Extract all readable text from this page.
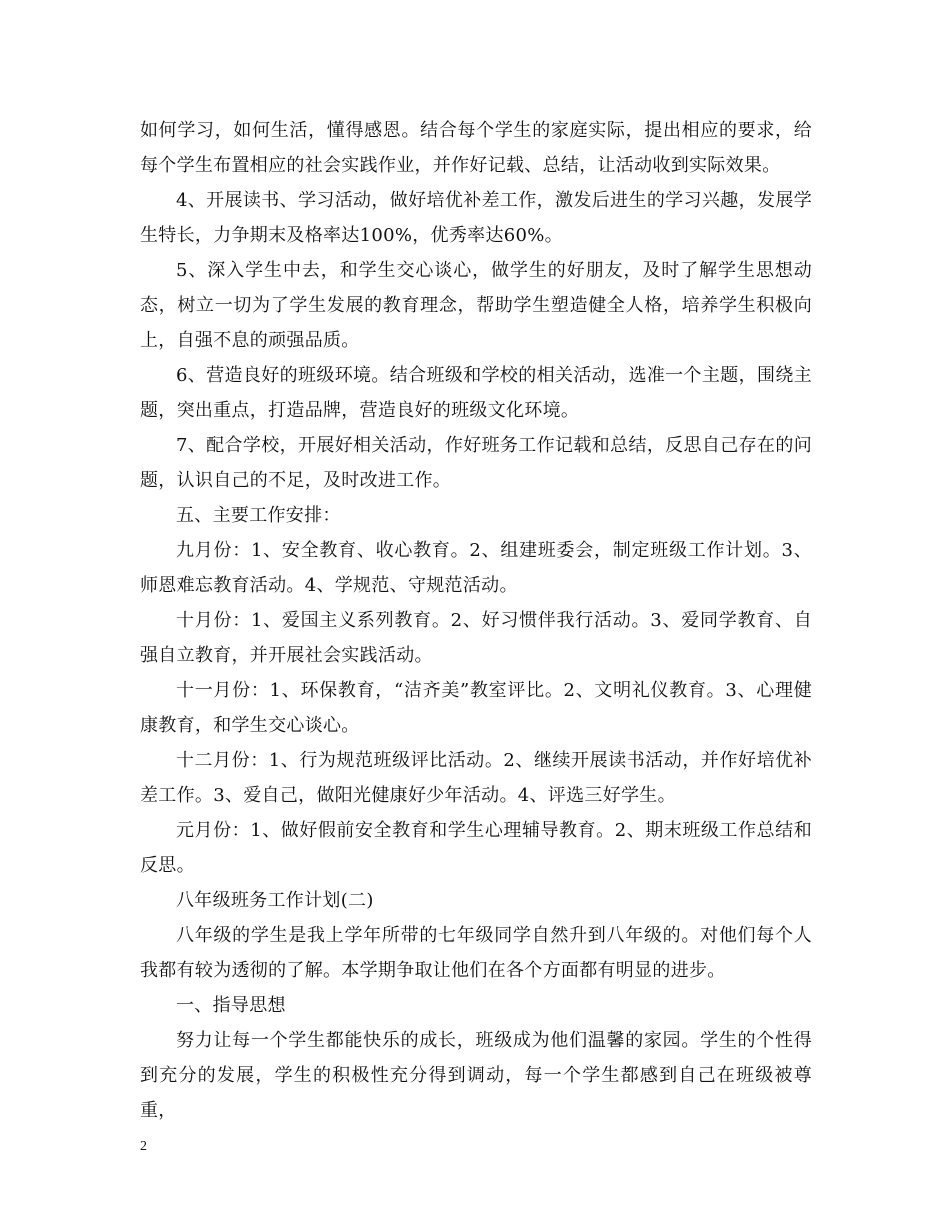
如何学习，如何生活，懂得感恩。结合每个学生的家庭实际，提出相应的要求，给每个学生布置相应的社会实践作业，并作好记载、总结，让活动收到实际效果。

4、开展读书、学习活动，做好培优补差工作，激发后进生的学习兴趣，发展学生特长，力争期末及格率达100%，优秀率达60%。

5、深入学生中去，和学生交心谈心，做学生的好朋友，及时了解学生思想动态，树立一切为了学生发展的教育理念，帮助学生塑造健全人格，培养学生积极向上，自强不息的顽强品质。

6、营造良好的班级环境。结合班级和学校的相关活动，选准一个主题，围绕主题，突出重点，打造品牌，营造良好的班级文化环境。

7、配合学校，开展好相关活动，作好班务工作记载和总结，反思自己存在的问题，认识自己的不足，及时改进工作。

五、主要工作安排：

九月份：1、安全教育、收心教育。2、组建班委会，制定班级工作计划。3、师恩难忘教育活动。4、学规范、守规范活动。

十月份：1、爱国主义系列教育。2、好习惯伴我行活动。3、爱同学教育、自强自立教育，并开展社会实践活动。

十一月份：1、环保教育，“洁齐美”教室评比。2、文明礼仪教育。3、心理健康教育，和学生交心谈心。

十二月份：1、行为规范班级评比活动。2、继续开展读书活动，并作好培优补差工作。3、爱自己，做阳光健康好少年活动。4、评选三好学生。

元月份：1、做好假前安全教育和学生心理辅导教育。2、期末班级工作总结和反思。

八年级班务工作计划(二)

八年级的学生是我上学年所带的七年级同学自然升到八年级的。对他们每个人我都有较为透彻的了解。本学期争取让他们在各个方面都有明显的进步。

一、指导思想

努力让每一个学生都能快乐的成长，班级成为他们温馨的家园。学生的个性得到充分的发展，学生的积极性充分得到调动，每一个学生都感到自己在班级被尊重，

2
